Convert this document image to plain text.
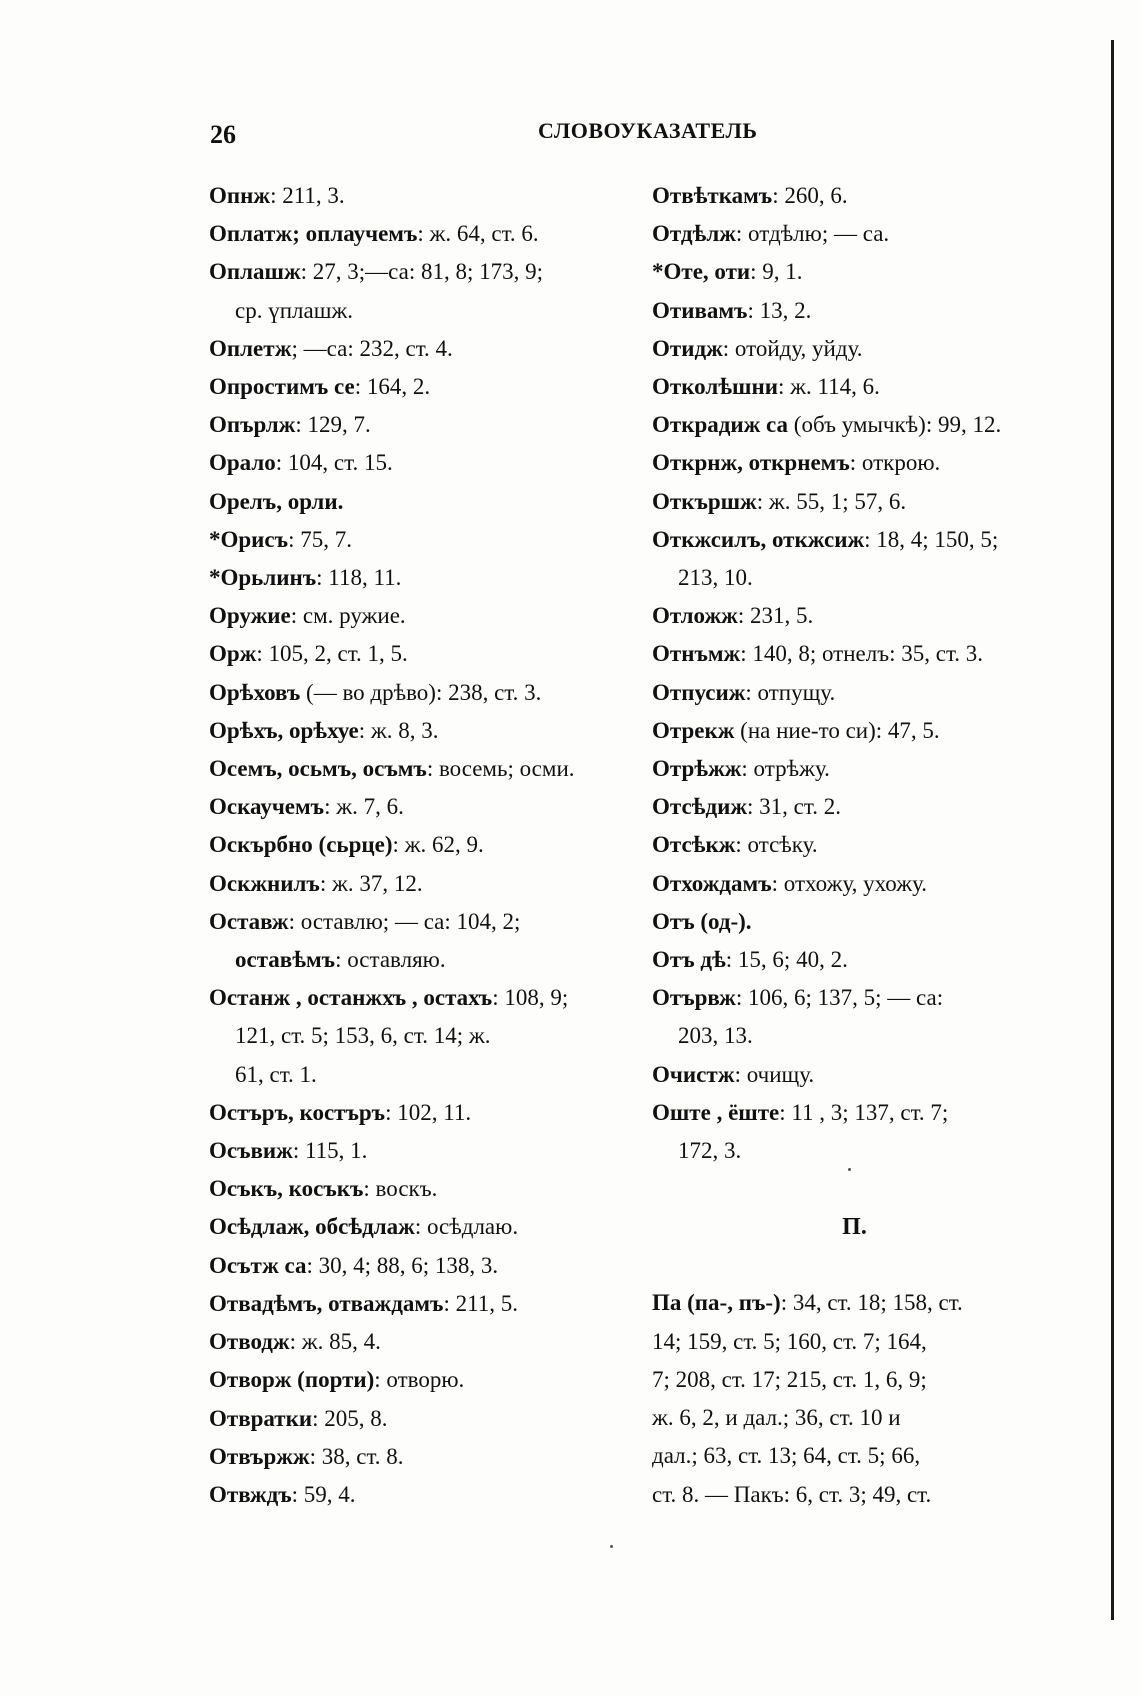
26	СЛОВОУКАЗАТЕЛЬ
Опнж: 211, 3.
Оплатж; оплаучемъ: ж. 64, ст. 6.
Оплашж: 27, 3;—са: 81, 8; 173, 9;
ср. үплашж.
Оплетж; —са: 232, ст. 4.
Опростимъ се: 164, 2.
Опърлж: 129, 7.
Орало: 104, ст. 15.
Орелъ, орли.
*Орисъ: 75, 7.
*Орьлинъ: 118, 11.
Оружие: см. ружие.
Орж: 105, 2, ст. 1, 5.
Орѣховъ (— во дрѣво): 238, ст. 3.
Орѣхъ, орѣхуе: ж. 8, 3.
Осемъ, осьмъ, осъмъ: восемь; осми.
Оскаучемъ: ж. 7, 6.
Оскърбно (сьрце): ж. 62, 9.
Оскжнилъ: ж. 37, 12.
Оставж: оставлю; — са: 104, 2;
оставѣмъ: оставляю.
Останж , останжхъ , остахъ: 108, 9;
121, ст. 5; 153, 6, ст. 14; ж.
61, ст. 1.
Остъръ, костъръ: 102, 11.
Осъвиж: 115, 1.
Осъкъ, косъкъ: воскъ.
Осѣдлаж, обсѣдлаж: осѣдлаю.
Осътж са: 30, 4; 88, 6; 138, 3.
Отвадѣмъ, отваждамъ: 211, 5.
Отводж: ж. 85, 4.
Отворж (порти): отворю.
Отвратки: 205, 8.
Отвържж: 38, ст. 8.
Отвждъ: 59, 4.
Отвѣткамъ: 260, 6.
Отдѣлж: отдѣлю; — са.
*Оте, оти: 9, 1.
Отивамъ: 13, 2.
Отидж: отойду, уйду.
Отколѣшни: ж. 114, 6.
Открадиж са (объ умычкѣ): 99, 12.
Открнж, открнемъ: открою.
Откършж: ж. 55, 1; 57, 6.
Откжсилъ, откжсиж: 18, 4; 150, 5;
213, 10.
Отложж: 231, 5.
Отнъмж: 140, 8; отнелъ: 35, ст. 3.
Отпусиж: отпущу.
Отрекж (на ние-то си): 47, 5.
Отрѣжж: отрѣжу.
Отсѣдиж: 31, ст. 2.
Отсѣкж: отсѣку.
Отхождамъ: отхожу, ухожу.
Отъ (од-).
Отъ дѣ: 15, 6; 40, 2.
Отървж: 106, 6; 137, 5; — са:
203, 13.
Очистж: очищу.
Оште , ёште: 11 , 3; 137, ст. 7;
172, 3.
П.
Па (па-, пъ-): 34, ст. 18; 158, ст.
14; 159, ст. 5; 160, ст. 7; 164,
7; 208, ст. 17; 215, ст. 1, 6, 9;
ж. 6, 2, и дал.; 36, ст. 10 и
дал.; 63, ст. 13; 64, ст. 5; 66,
ст. 8. — Пакъ: 6, ст. 3; 49, ст.
